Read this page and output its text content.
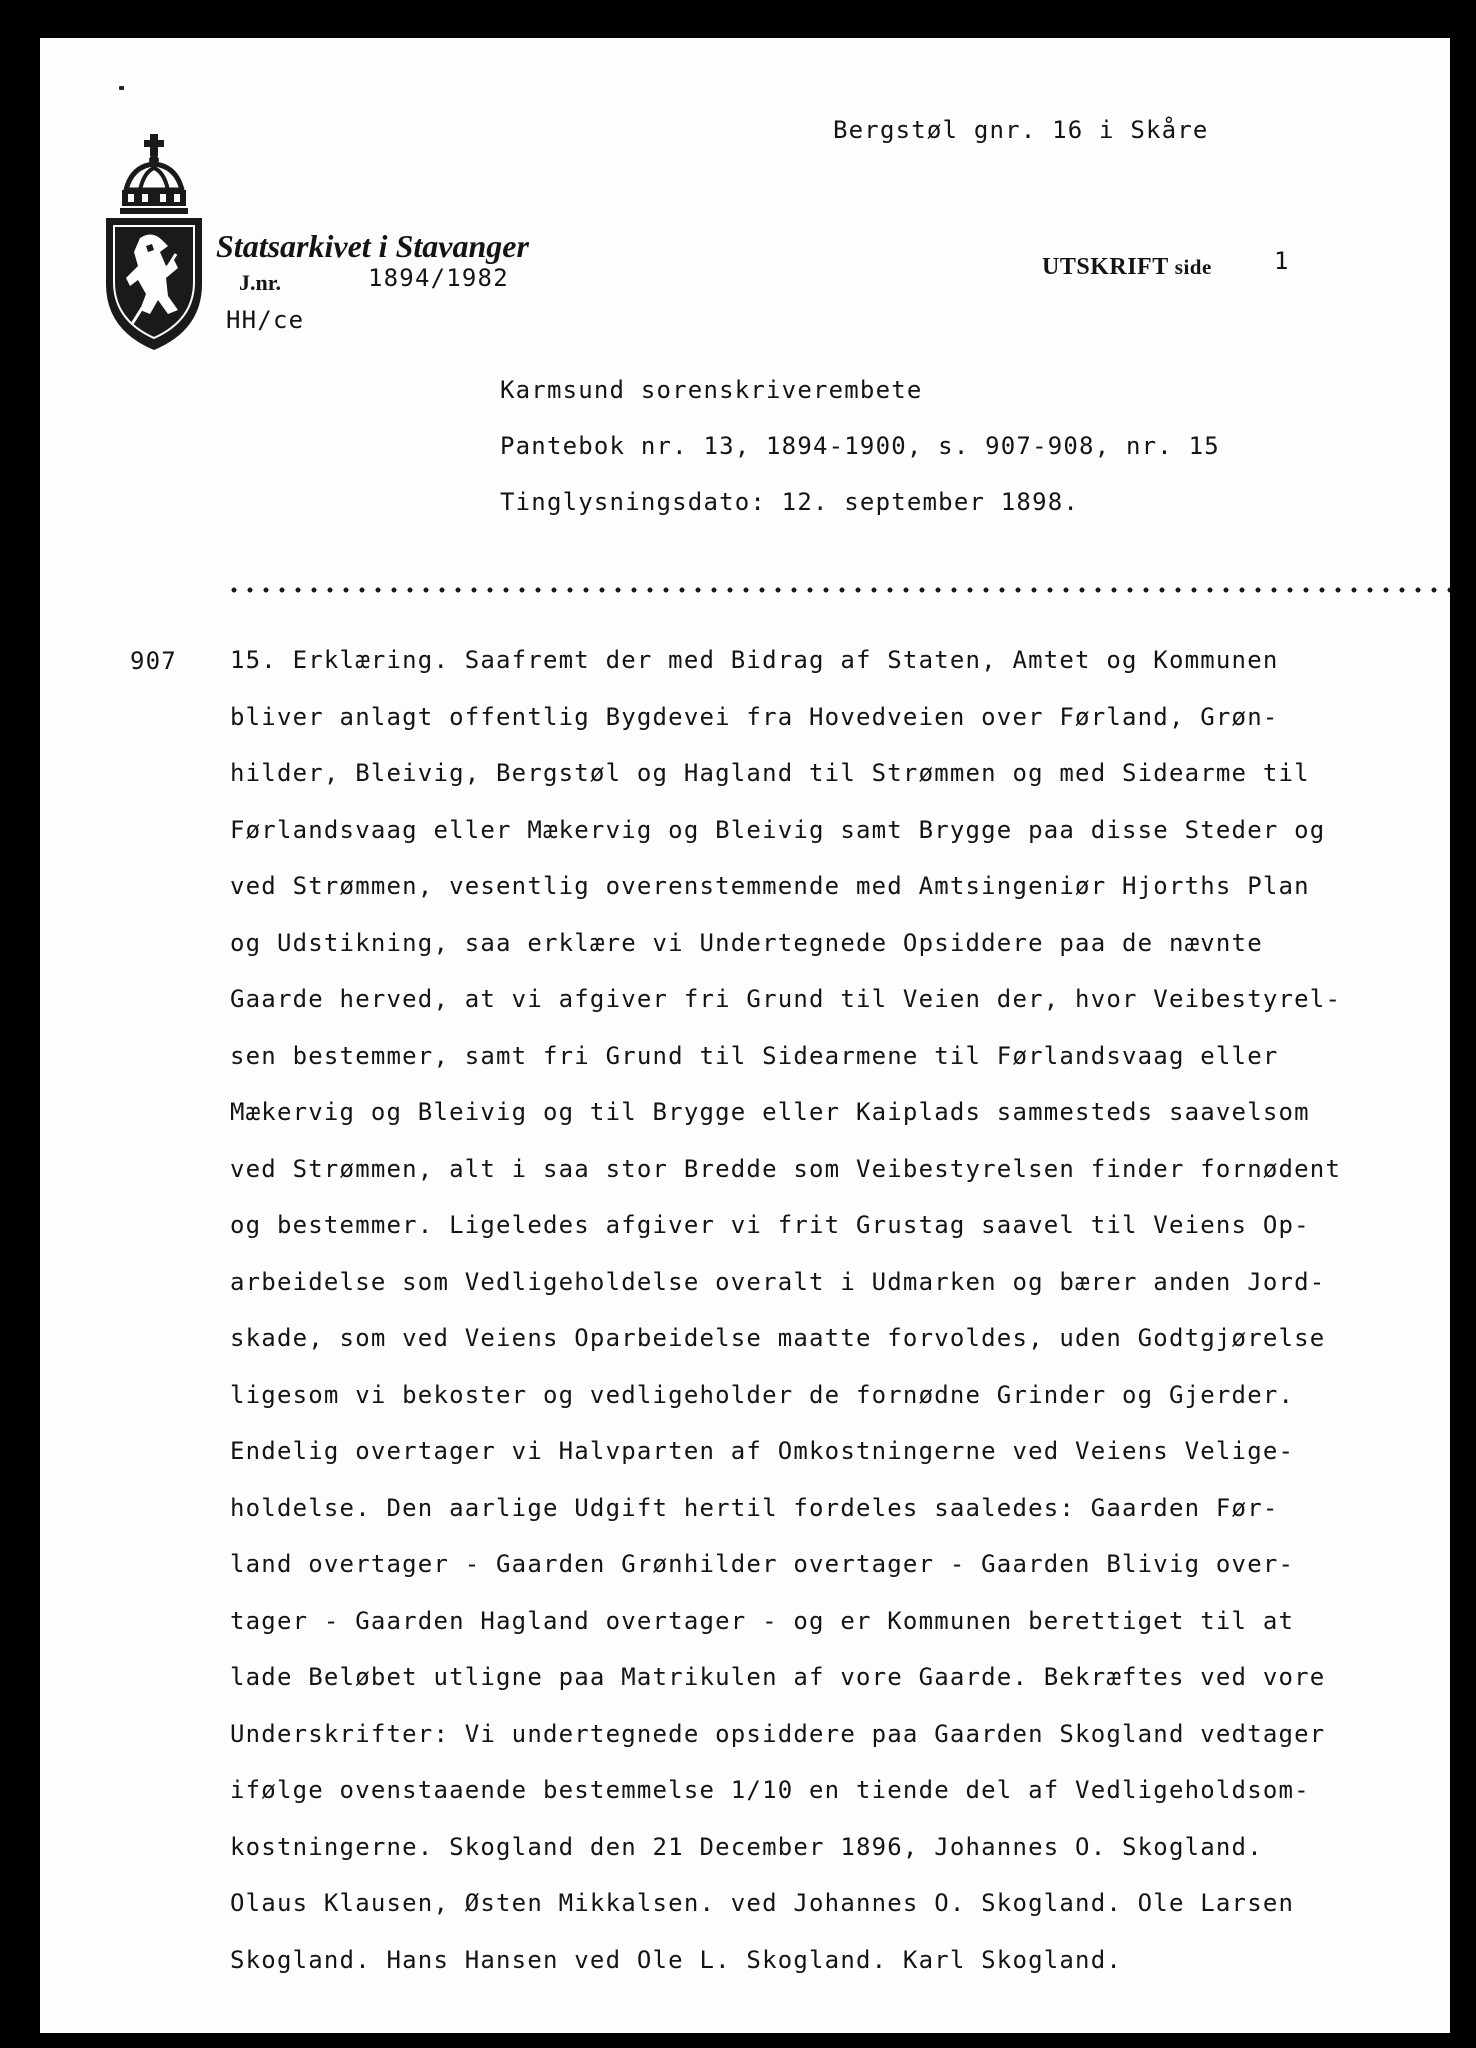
Statsarkivet i Stavanger
J.nr.	1894/1982
HH/ce
Bergstøl gnr. 16 i Skåre
UTSKRIFT side	1
Karmsund sorenskriverembete
Pantebok nr. 13, 1894-1900, s. 907-908, nr. 15
Tinglysningsdato: 12. september 1898.
907 15. Erklæring. Saafremt der med Bidrag af Staten, Amtet og Kommunen
bliver anlagt offentlig Bygdevei fra Hovedveien over Førland, Grøn-
hilder, Bleivig, Bergstøl og Hagland til Strømmen og med Sidearme til
Førlandsvaag eller Mækervig og Bleivig samt Brygge paa disse Steder og
ved Strømmen, vesentlig overenstemmende med Amtsingeniør Hjorths Plan
og Udstikning, saa erklære vi Undertegnede Opsiddere paa de nævnte
Gaarde herved, at vi afgiver fri Grund til Veien der, hvor Veibestyrel-
sen bestemmer, samt fri Grund til Sidearmene til Førlandsvaag eller
Mækervig og Bleivig og til Brygge eller Kaiplads sammesteds saavelsom
ved Strømmen, alt i saa stor Bredde som Veibestyrelsen finder fornødent
og bestemmer. Ligeledes afgiver vi frit Grustag saavel til Veiens Op-
arbeidelse som Vedligeholdelse overalt i Udmarken og bærer anden Jord-
skade, som ved Veiens Oparbeidelse maatte forvoldes, uden Godtgjørelse
ligesom vi bekoster og vedligeholder de fornødne Grinder og Gjerder.
Endelig overtager vi Halvparten af Omkostningerne ved Veiens Velige-
holdelse. Den aarlige Udgift hertil fordeles saaledes: Gaarden Før-
land overtager - Gaarden Grønhilder overtager - Gaarden Blivig over-
tager - Gaarden Hagland overtager - og er Kommunen berettiget til at
lade Beløbet utligne paa Matrikulen af vore Gaarde. Bekræftes ved vore
Underskrifter: Vi undertegnede opsiddere paa Gaarden Skogland vedtager
ifølge ovenstaaende bestemmelse 1/10 en tiende del af Vedligeholdsom-
kostningerne. Skogland den 21 December 1896, Johannes O. Skogland.
Olaus Klausen, Østen Mikkalsen. ved Johannes O. Skogland. Ole Larsen
Skogland. Hans Hansen ved Ole L. Skogland. Karl Skogland.
